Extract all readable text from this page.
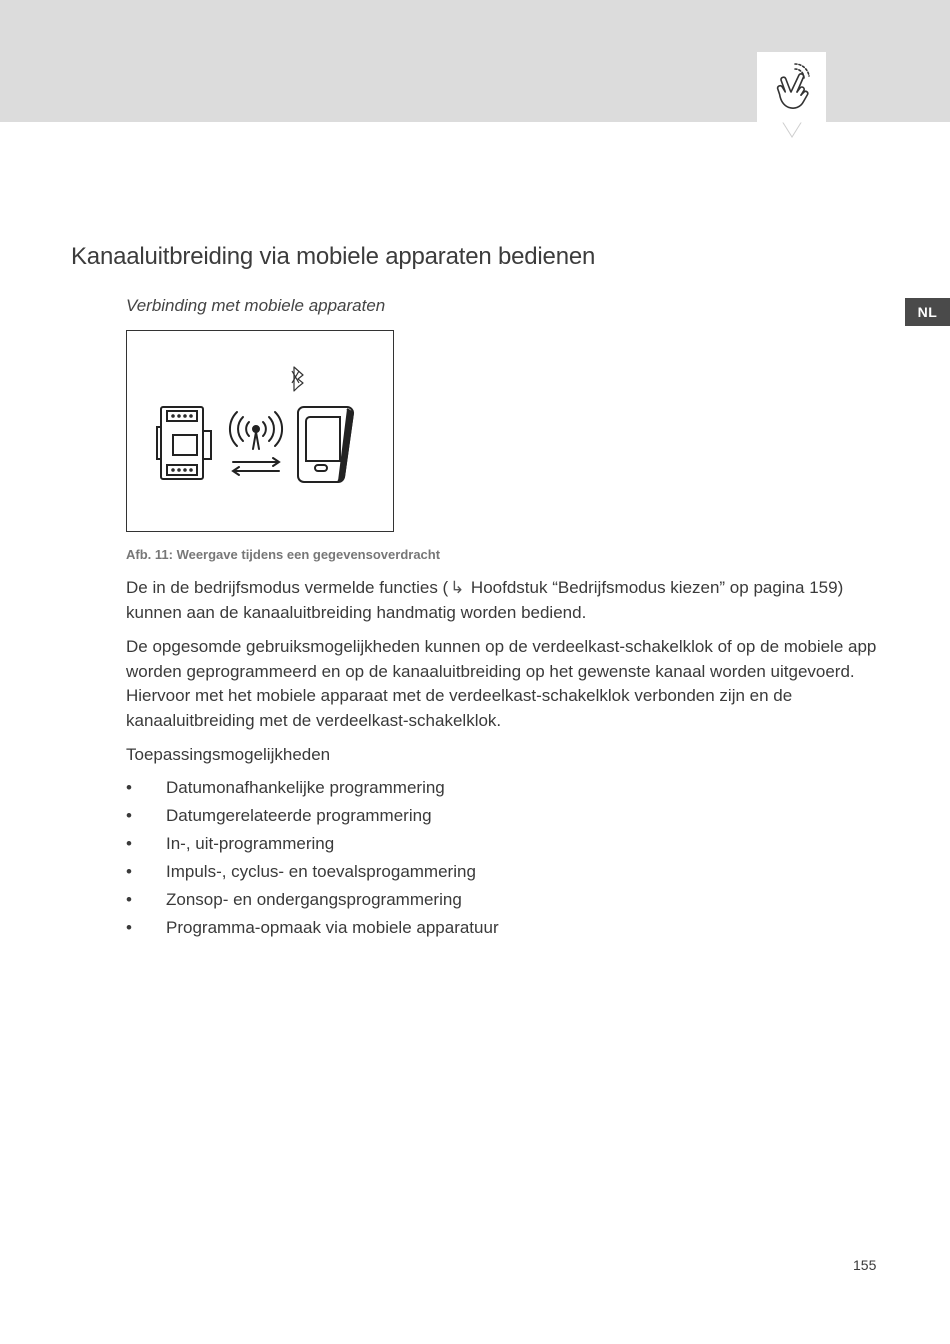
NL
Kanaaluitbreiding via mobiele apparaten bedienen
Verbinding met mobiele apparaten
Afb. 11: Weergave tijdens een gegevensoverdracht

De in de bedrijfsmodus vermelde functies ( ↳ Hoofdstuk “Bedrijfsmodus kiezen” op pagina 159) kunnen aan de kanaaluitbreiding handmatig worden bediend.

De opgesomde gebruiksmogelijkheden kunnen op de verdeelkast-schakelklok of op de mobiele app worden geprogrammeerd en op de kanaaluitbreiding op het gewenste kanaal worden uitgevoerd. Hiervoor met het mobiele apparaat met de verdeelkast-schakelklok verbonden zijn en de kanaaluitbreiding met de verdeelkast-schakelklok.

Toepassingsmogelijkheden

• Datumonafhankelijke programmering
• Datumgerelateerde programmering
• In-, uit-programmering
• Impuls-, cyclus- en toevalsprogammering
• Zonsop- en ondergangsprogrammering
• Programma-opmaak via mobiele apparatuur
155
